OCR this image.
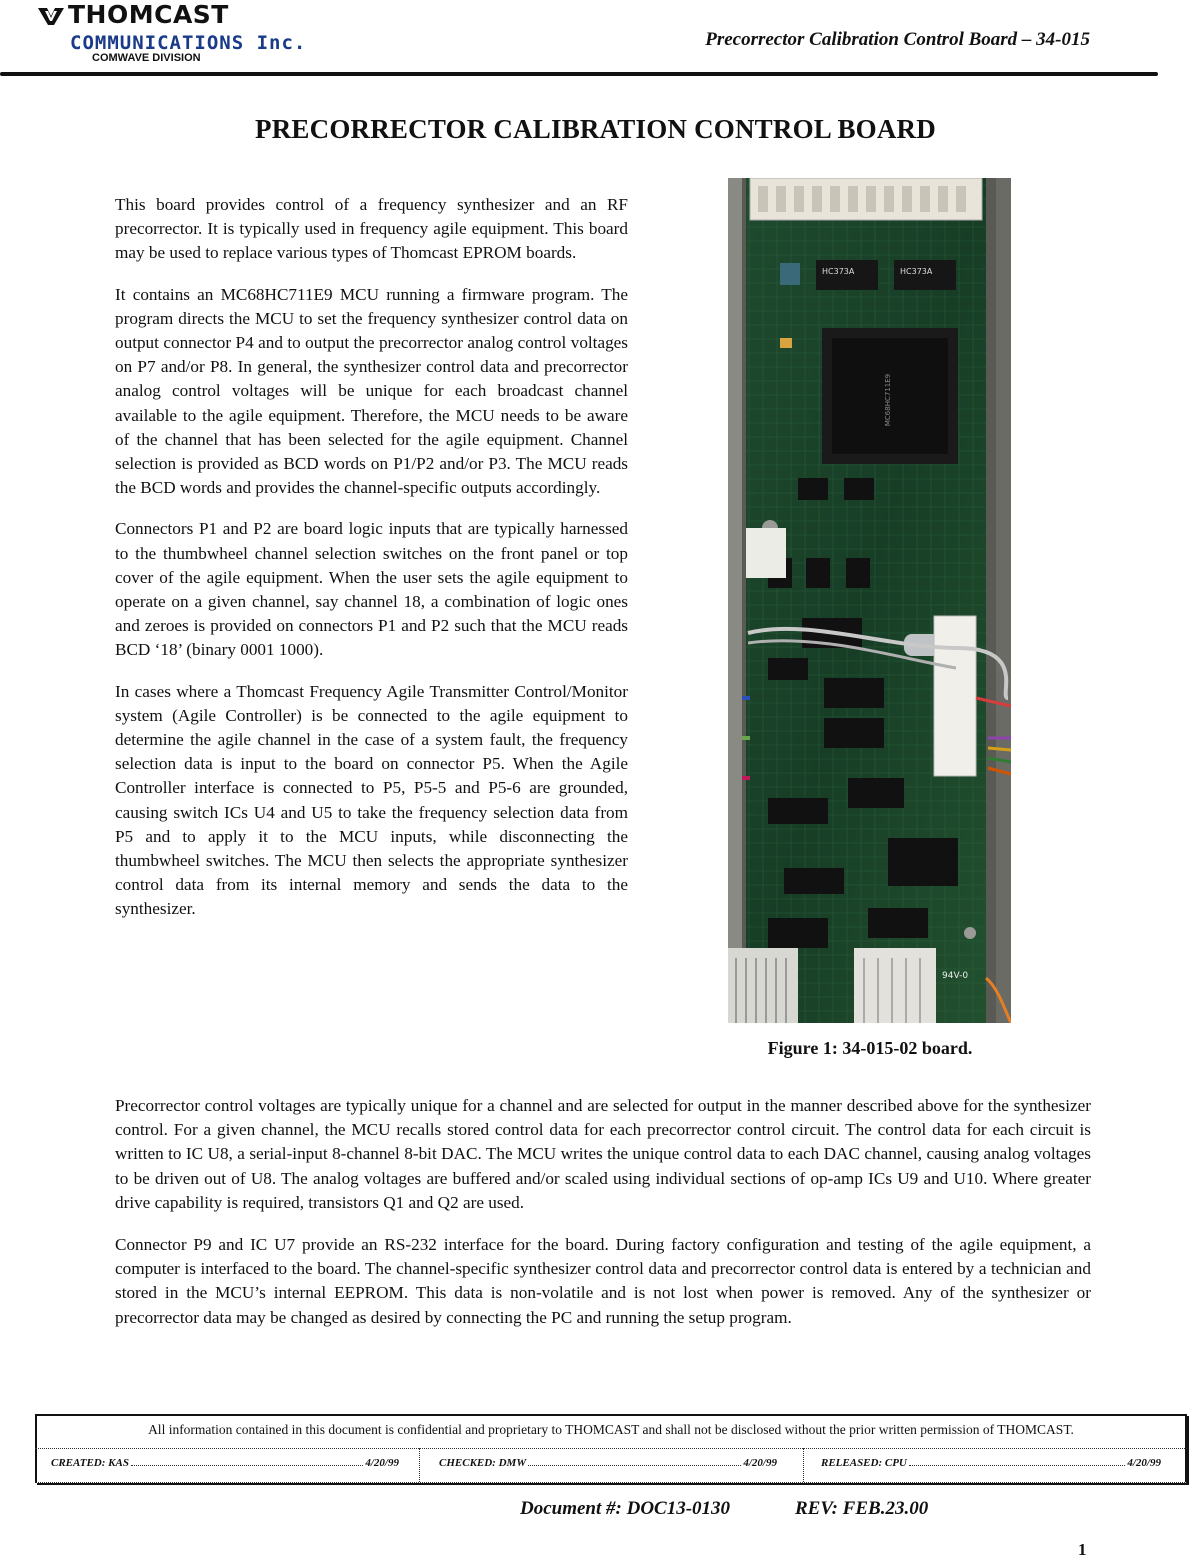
THOMCAST
COMMUNICATIONS Inc.
COMWAVE DIVISION
Precorrector Calibration Control Board – 34-015
PRECORRECTOR CALIBRATION CONTROL BOARD

This board provides control of a frequency synthesizer and an RF precorrector. It is typically used in frequency agile equipment. This board may be used to replace various types of Thomcast EPROM boards.

It contains an MC68HC711E9 MCU running a firmware program. The program directs the MCU to set the frequency synthesizer control data on output connector P4 and to output the precorrector analog control voltages on P7 and/or P8. In general, the synthesizer control data and precorrector analog control voltages will be unique for each broadcast channel available to the agile equipment. Therefore, the MCU needs to be aware of the channel that has been selected for the agile equipment. Channel selection is provided as BCD words on P1/P2 and/or P3. The MCU reads the BCD words and provides the channel-specific outputs accordingly.

Connectors P1 and P2 are board logic inputs that are typically harnessed to the thumbwheel channel selection switches on the front panel or top cover of the agile equipment. When the user sets the agile equipment to operate on a given channel, say channel 18, a combination of logic ones and zeroes is provided on connectors P1 and P2 such that the MCU reads BCD ‘18’ (binary 0001 1000).

In cases where a Thomcast Frequency Agile Transmitter Control/Monitor system (Agile Controller) is be connected to the agile equipment to determine the agile channel in the case of a system fault, the frequency selection data is input to the board on connector P5. When the Agile Controller interface is connected to P5, P5-5 and P5-6 are grounded, causing switch ICs U4 and U5 to take the frequency selection data from P5 and to apply it to the MCU inputs, while disconnecting the thumbwheel switches. The MCU then selects the appropriate synthesizer control data from its internal memory and sends the data to the synthesizer.

HC373A	HC373A
MC68HC711E9
94V-0
Figure 1: 34-015-02 board.

Precorrector control voltages are typically unique for a channel and are selected for output in the manner described above for the synthesizer control. For a given channel, the MCU recalls stored control data for each precorrector control circuit. The control data for each circuit is written to IC U8, a serial-input 8-channel 8-bit DAC. The MCU writes the unique control data to each DAC channel, causing analog voltages to be driven out of U8. The analog voltages are buffered and/or scaled using individual sections of op-amp ICs U9 and U10. Where greater drive capability is required, transistors Q1 and Q2 are used.

Connector P9 and IC U7 provide an RS-232 interface for the board. During factory configuration and testing of the agile equipment, a computer is interfaced to the board. The channel-specific synthesizer control data and precorrector control data is entered by a technician and stored in the MCU’s internal EEPROM. This data is non-volatile and is not lost when power is removed. Any of the synthesizer or precorrector data may be changed as desired by connecting the PC and running the setup program.

All information contained in this document is confidential and proprietary to THOMCAST and shall not be disclosed without the prior written permission of THOMCAST.
CREATED: KAS	4/20/99	CHECKED: DMW	4/20/99	RELEASED: CPU	4/20/99
Document #: DOC13-0130	REV: FEB.23.00
1
